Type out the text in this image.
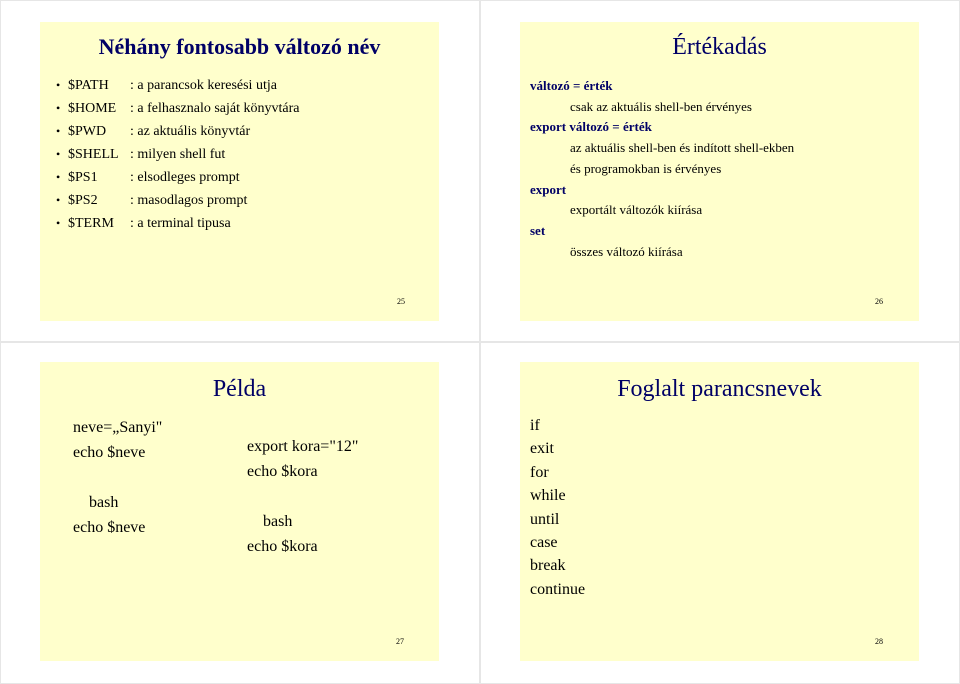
Néhány fontosabb változó név
• $PATH	: a parancsok keresési utja
• $HOME : a felhasznalo saját könyvtára
• $PWD	: az aktuális könyvtár
• $SHELL : milyen shell fut
• $PS1	: elsodleges prompt
• $PS2	: masodlagos prompt
• $TERM	: a terminal tipusa
25
Értékadás
változó = érték
csak az aktuális shell-ben érvényes
export változó = érték
az aktuális shell-ben és indított shell-ekben
és programokban is érvényes
export
exportált változók kiírása
set
összes változó kiírása
26
Példa
neve=„Sanyi"
echo $neve
bash
echo $neve
export kora="12"
echo $kora
bash
echo $kora
27
Foglalt parancsnevek
if
exit
for
while
until
case
break
continue
28
